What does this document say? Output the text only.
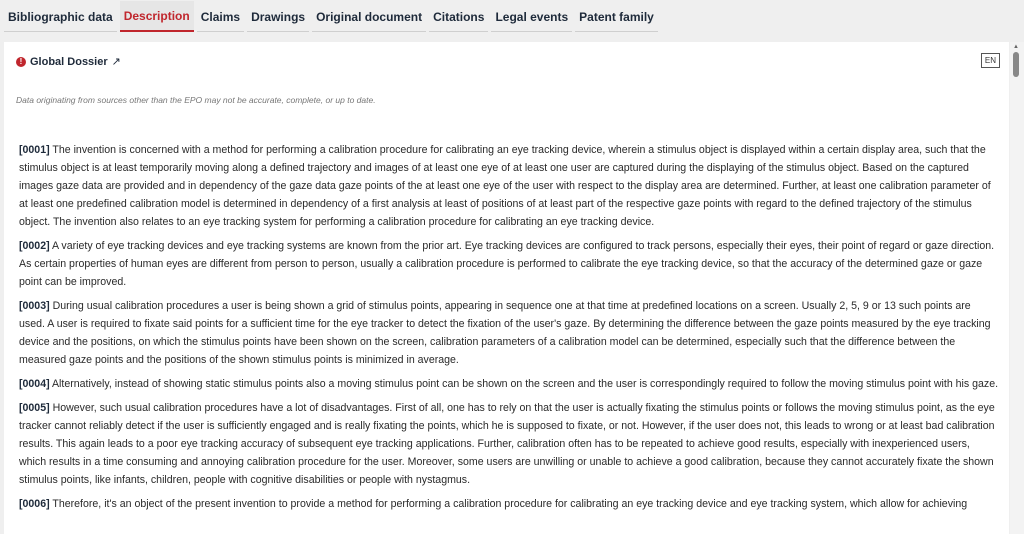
Bibliographic data Description Claims Drawings Original document Citations Legal events Patent family
! Global Dossier ↗	EN
Data originating from sources other than the EPO may not be accurate, complete, or up to date.

[0001] The invention is concerned with a method for performing a calibration procedure for calibrating an eye tracking device, wherein a stimulus object is displayed within a certain display area, such that the stimulus object is at least temporarily moving along a defined trajectory and images of at least one eye of at least one user are captured during the displaying of the stimulus object. Based on the captured images gaze data are provided and in dependency of the gaze data gaze points of the at least one eye of the user with respect to the display area are determined. Further, at least one calibration parameter of at least one predefined calibration model is determined in dependency of a first analysis at least of positions of at least part of the respective gaze points with regard to the defined trajectory of the stimulus object. The invention also relates to an eye tracking system for performing a calibration procedure for calibrating an eye tracking device.

[0002] A variety of eye tracking devices and eye tracking systems are known from the prior art. Eye tracking devices are configured to track persons, especially their eyes, their point of regard or gaze direction. As certain properties of human eyes are different from person to person, usually a calibration procedure is performed to calibrate the eye tracking device, so that the accuracy of the determined gaze or gaze point can be improved.

[0003] During usual calibration procedures a user is being shown a grid of stimulus points, appearing in sequence one at that time at predefined locations on a screen. Usually 2, 5, 9 or 13 such points are used. A user is required to fixate said points for a sufficient time for the eye tracker to detect the fixation of the user's gaze. By determining the difference between the gaze points measured by the eye tracking device and the positions, on which the stimulus points have been shown on the screen, calibration parameters of a calibration model can be determined, especially such that the difference between the measured gaze points and the positions of the shown stimulus points is minimized in average.

[0004] Alternatively, instead of showing static stimulus points also a moving stimulus point can be shown on the screen and the user is correspondingly required to follow the moving stimulus point with his gaze.

[0005] However, such usual calibration procedures have a lot of disadvantages. First of all, one has to rely on that the user is actually fixating the stimulus points or follows the moving stimulus point, as the eye tracker cannot reliably detect if the user is sufficiently engaged and is really fixating the points, which he is supposed to fixate, or not. However, if the user does not, this leads to wrong or at least bad calibration results. This again leads to a poor eye tracking accuracy of subsequent eye tracking applications. Further, calibration often has to be repeated to achieve good results, especially with inexperienced users, which results in a time consuming and annoying calibration procedure for the user. Moreover, some users are unwilling or unable to achieve a good calibration, because they cannot accurately fixate the shown stimulus points, like infants, children, people with cognitive disabilities or people with nystagmus.

[0006] Therefore, it's an object of the present invention to provide a method for performing a calibration procedure for calibrating an eye tracking device and eye tracking system, which allow for achieving

▲
